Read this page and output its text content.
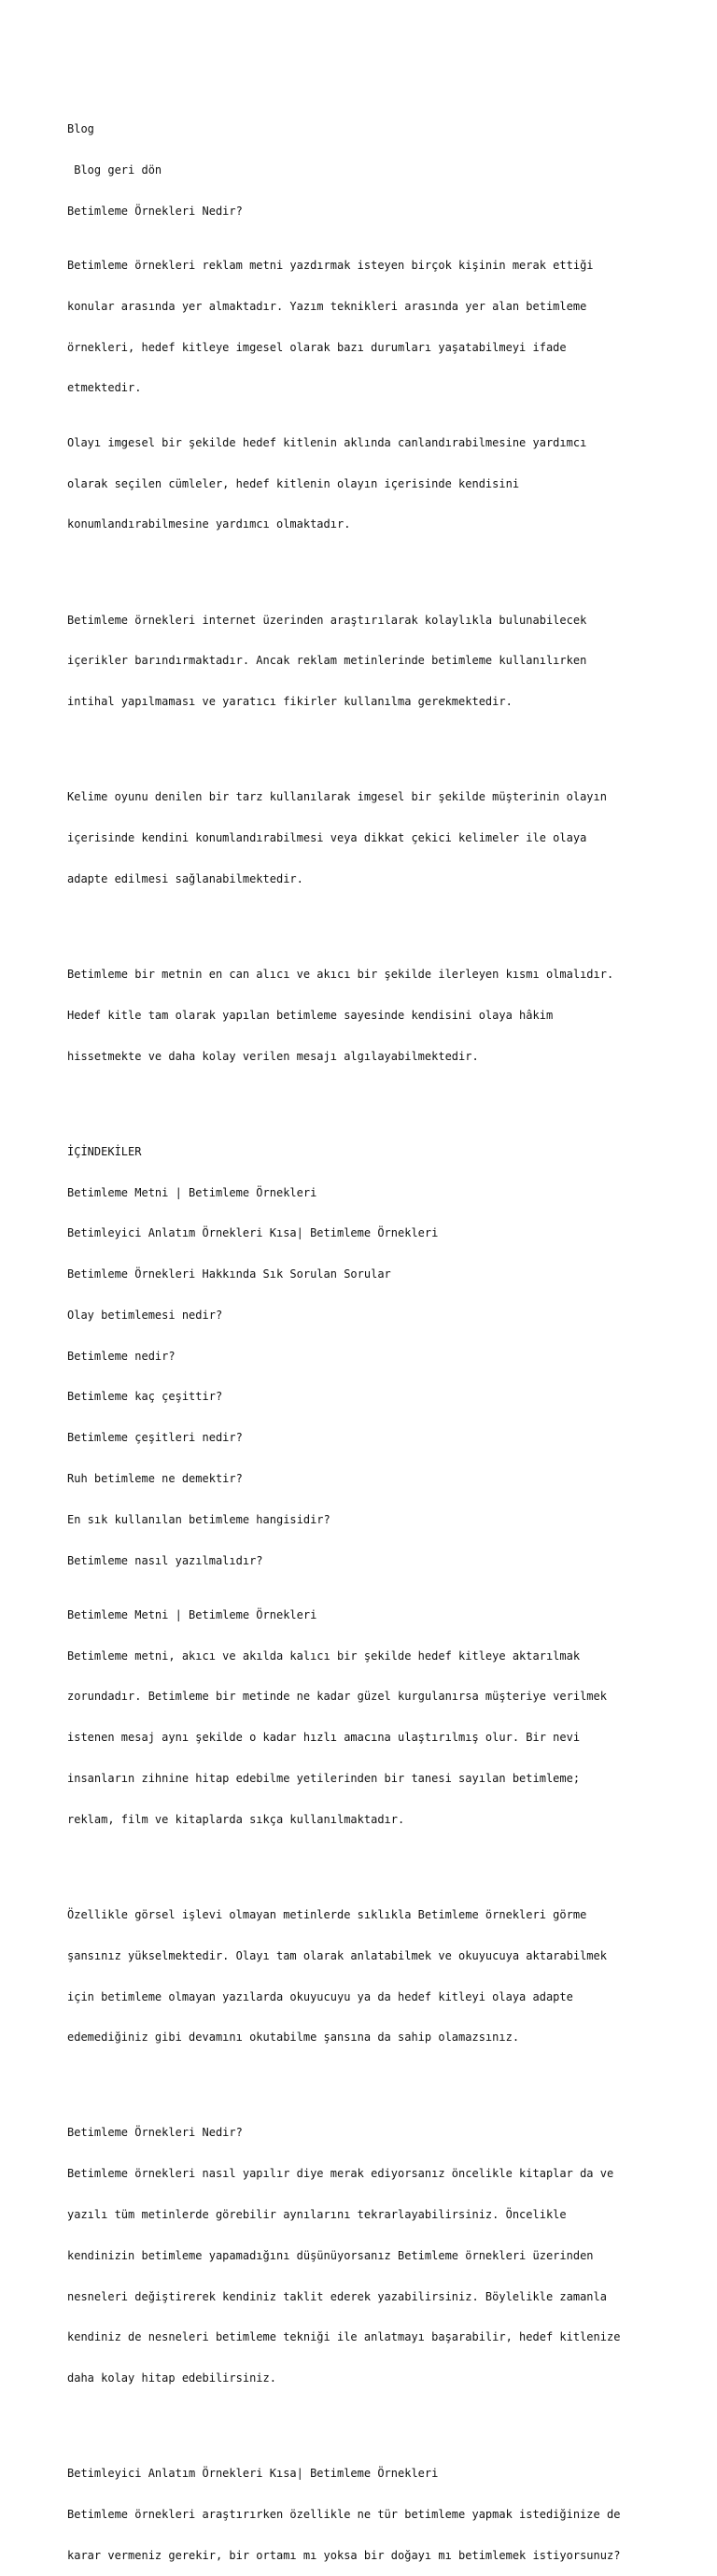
Blog

Blog geri dön

Betimleme Örnekleri Nedir?

Betimleme örnekleri reklam metni yazdırmak isteyen birçok kişinin merak ettiği

konular arasında yer almaktadır. Yazım teknikleri arasında yer alan betimleme

örnekleri, hedef kitleye imgesel olarak bazı durumları yaşatabilmeyi ifade

etmektedir.

Olayı imgesel bir şekilde hedef kitlenin aklında canlandırabilmesine yardımcı

olarak seçilen cümleler, hedef kitlenin olayın içerisinde kendisini

konumlandırabilmesine yardımcı olmaktadır.

Betimleme örnekleri internet üzerinden araştırılarak kolaylıkla bulunabilecek

içerikler barındırmaktadır. Ancak reklam metinlerinde betimleme kullanılırken

intihal yapılmaması ve yaratıcı fikirler kullanılma gerekmektedir.

Kelime oyunu denilen bir tarz kullanılarak imgesel bir şekilde müşterinin olayın

içerisinde kendini konumlandırabilmesi veya dikkat çekici kelimeler ile olaya

adapte edilmesi sağlanabilmektedir.

Betimleme bir metnin en can alıcı ve akıcı bir şekilde ilerleyen kısmı olmalıdır.

Hedef kitle tam olarak yapılan betimleme sayesinde kendisini olaya hâkim

hissetmekte ve daha kolay verilen mesajı algılayabilmektedir.

İÇİNDEKİLER

Betimleme Metni | Betimleme Örnekleri

Betimleyici Anlatım Örnekleri Kısa| Betimleme Örnekleri

Betimleme Örnekleri Hakkında Sık Sorulan Sorular

Olay betimlemesi nedir?

Betimleme nedir?

Betimleme kaç çeşittir?

Betimleme çeşitleri nedir?

Ruh betimleme ne demektir?

En sık kullanılan betimleme hangisidir?

Betimleme nasıl yazılmalıdır?

Betimleme Metni | Betimleme Örnekleri

Betimleme metni, akıcı ve akılda kalıcı bir şekilde hedef kitleye aktarılmak

zorundadır. Betimleme bir metinde ne kadar güzel kurgulanırsa müşteriye verilmek

istenen mesaj aynı şekilde o kadar hızlı amacına ulaştırılmış olur. Bir nevi

insanların zihnine hitap edebilme yetilerinden bir tanesi sayılan betimleme;

reklam, film ve kitaplarda sıkça kullanılmaktadır.

Özellikle görsel işlevi olmayan metinlerde sıklıkla Betimleme örnekleri görme

şansınız yükselmektedir. Olayı tam olarak anlatabilmek ve okuyucuya aktarabilmek

için betimleme olmayan yazılarda okuyucuyu ya da hedef kitleyi olaya adapte

edemediğiniz gibi devamını okutabilme şansına da sahip olamazsınız.

Betimleme Örnekleri Nedir?

Betimleme örnekleri nasıl yapılır diye merak ediyorsanız öncelikle kitaplar da ve

yazılı tüm metinlerde görebilir aynılarını tekrarlayabilirsiniz. Öncelikle

kendinizin betimleme yapamadığını düşünüyorsanız Betimleme örnekleri üzerinden

nesneleri değiştirerek kendiniz taklit ederek yazabilirsiniz. Böylelikle zamanla

kendiniz de nesneleri betimleme tekniği ile anlatmayı başarabilir, hedef kitlenize

daha kolay hitap edebilirsiniz.

Betimleyici Anlatım Örnekleri Kısa| Betimleme Örnekleri

Betimleme örnekleri araştırırken özellikle ne tür betimleme yapmak istediğinize de

karar vermeniz gerekir, bir ortamı mı yoksa bir doğayı mı betimlemek istiyorsunuz?
